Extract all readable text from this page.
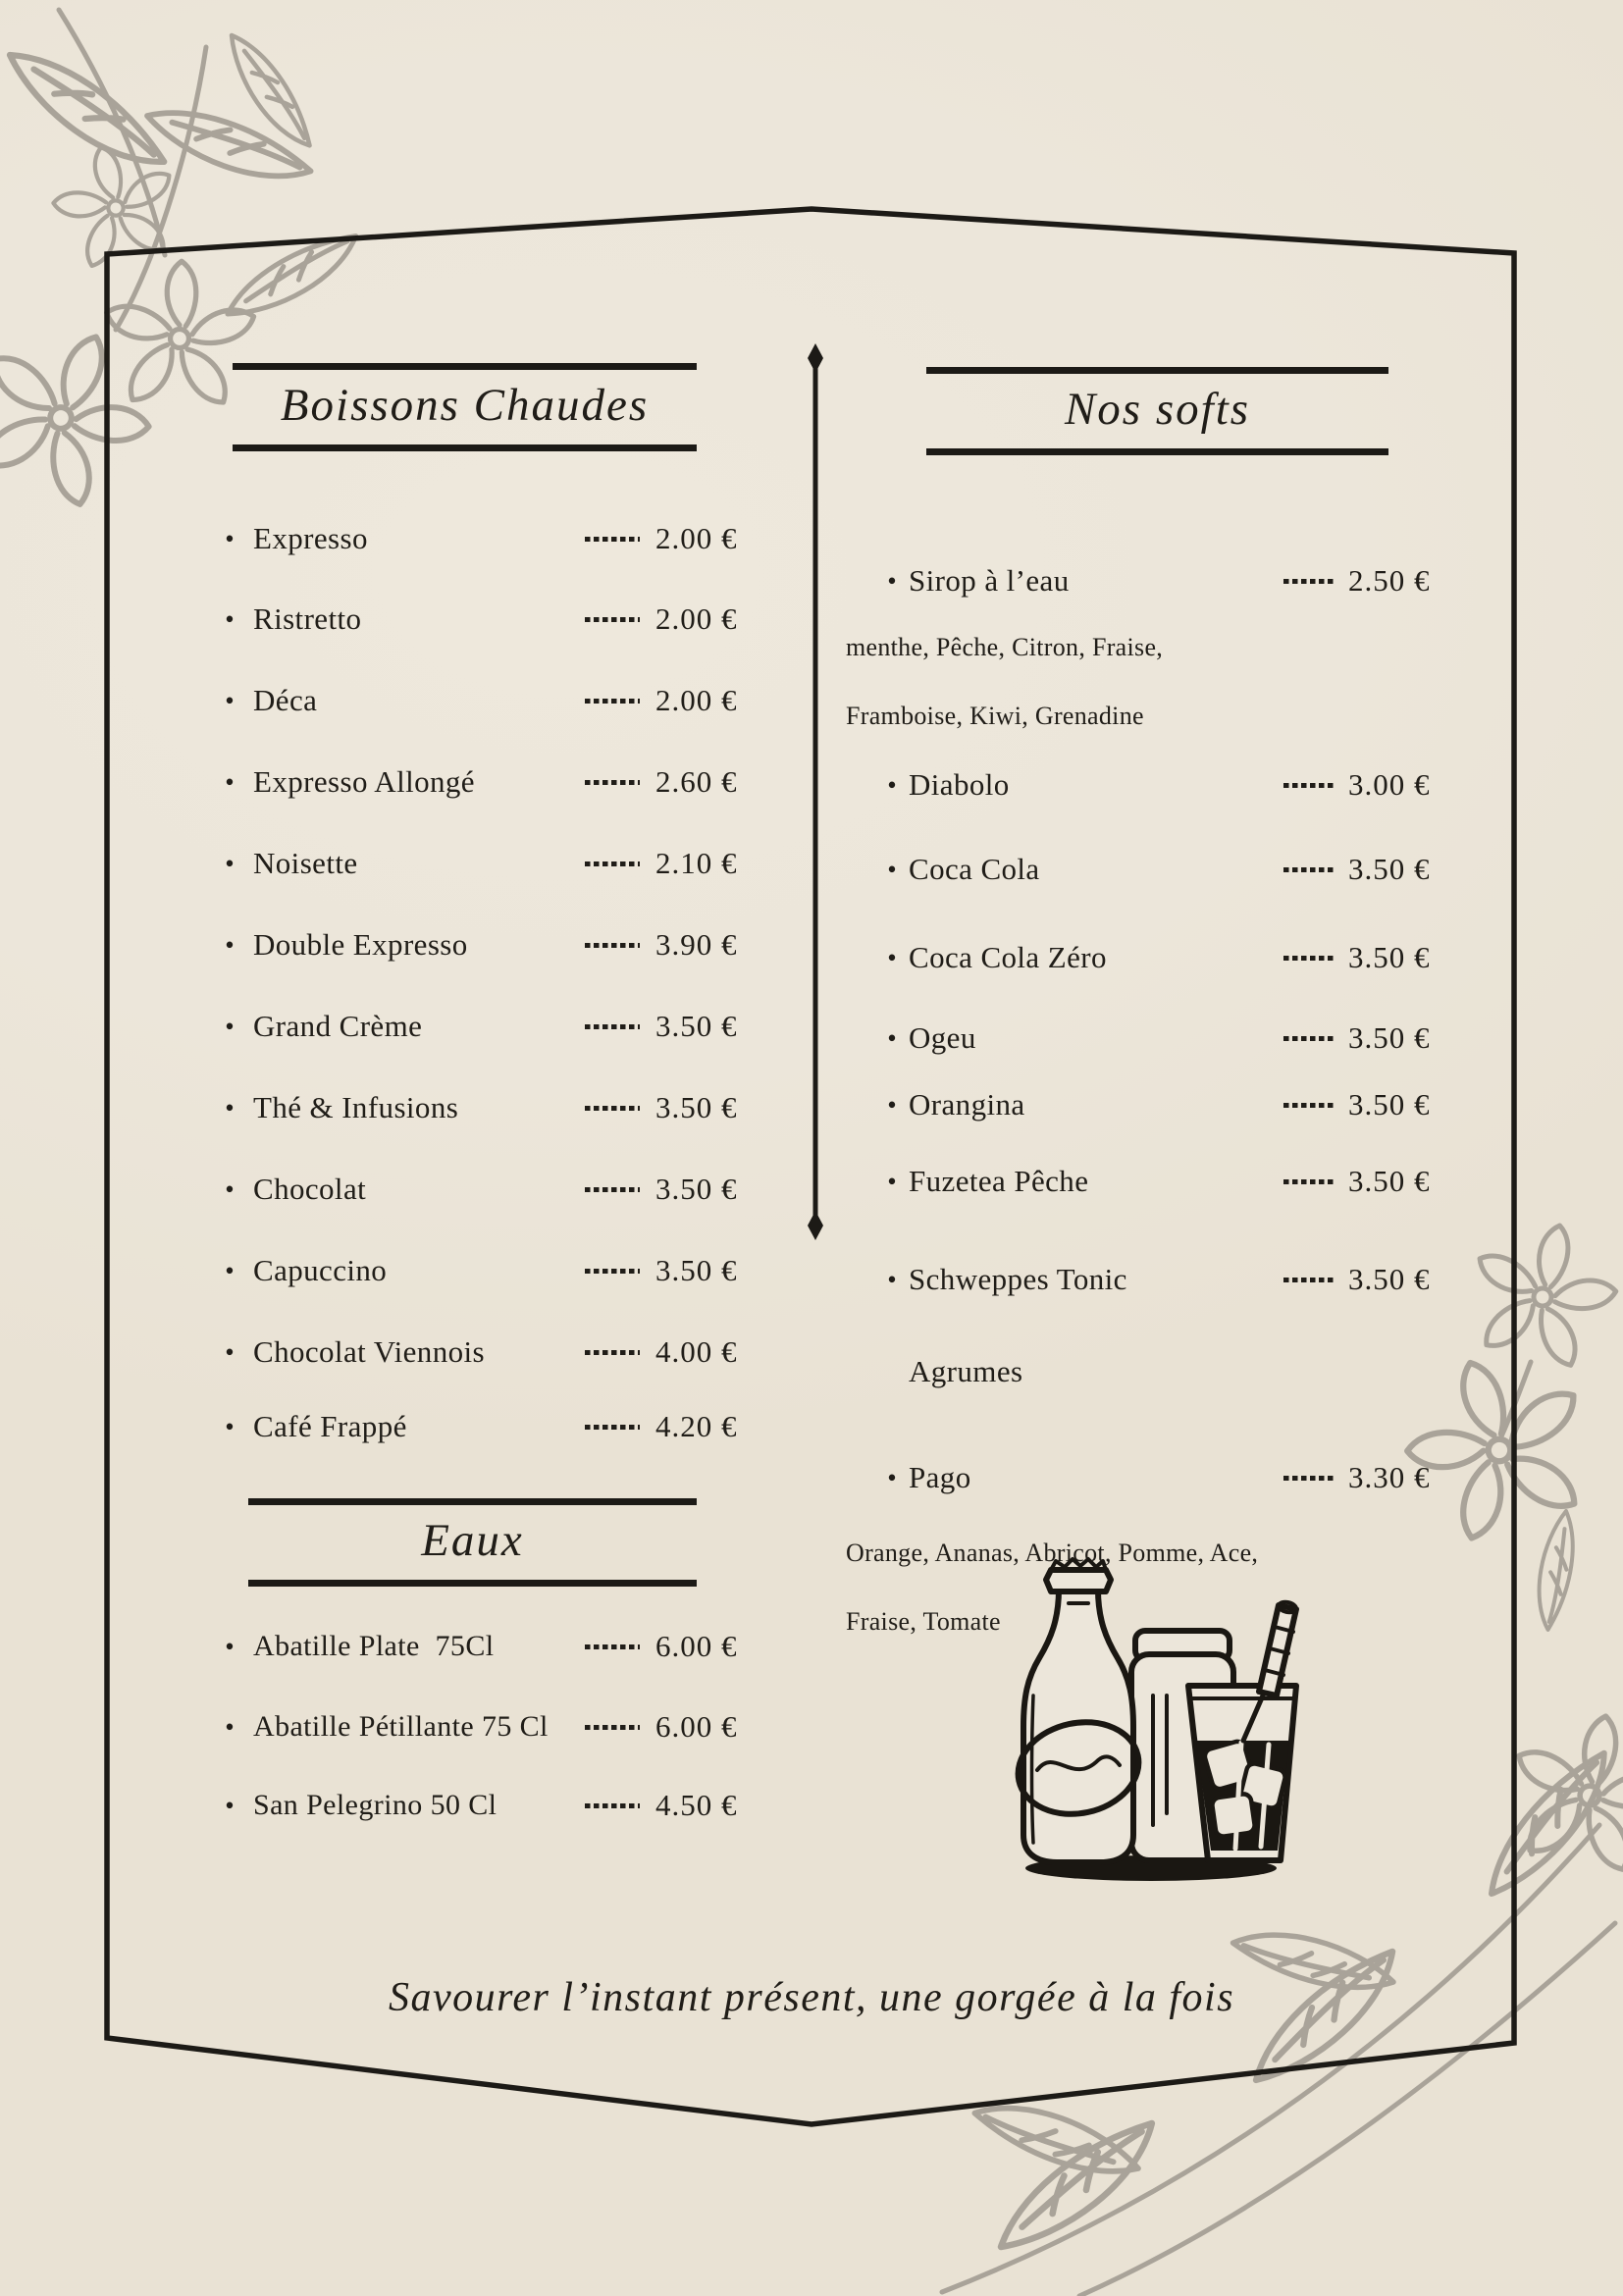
Boissons Chaudes
• Expresso	2.00 €
• Ristretto	2.00 €
• Déca	2.00 €
• Expresso Allongé	2.60 €
• Noisette	2.10 €
• Double Expresso	3.90 €
• Grand Crème	3.50 €
• Thé & Infusions	3.50 €
• Chocolat	3.50 €
• Capuccino	3.50 €
• Chocolat Viennois	4.00 €
• Café Frappé	4.20 €
Eaux
• Abatille Plate  75Cl	6.00 €
• Abatille Pétillante 75 Cl	6.00 €
• San Pelegrino 50 Cl	4.50 €
Nos softs
• Sirop à l’eau	2.50 €
menthe, Pêche, Citron, Fraise,
Framboise, Kiwi, Grenadine
• Diabolo	3.00 €
• Coca Cola	3.50 €
• Coca Cola Zéro	3.50 €
• Ogeu	3.50 €
• Orangina	3.50 €
• Fuzetea Pêche	3.50 €
• Schweppes Tonic	3.50 €
Agrumes
• Pago	3.30 €
Orange, Ananas, Abricot, Pomme, Ace,
Fraise, Tomate
Savourer l’instant présent, une gorgée à la fois
